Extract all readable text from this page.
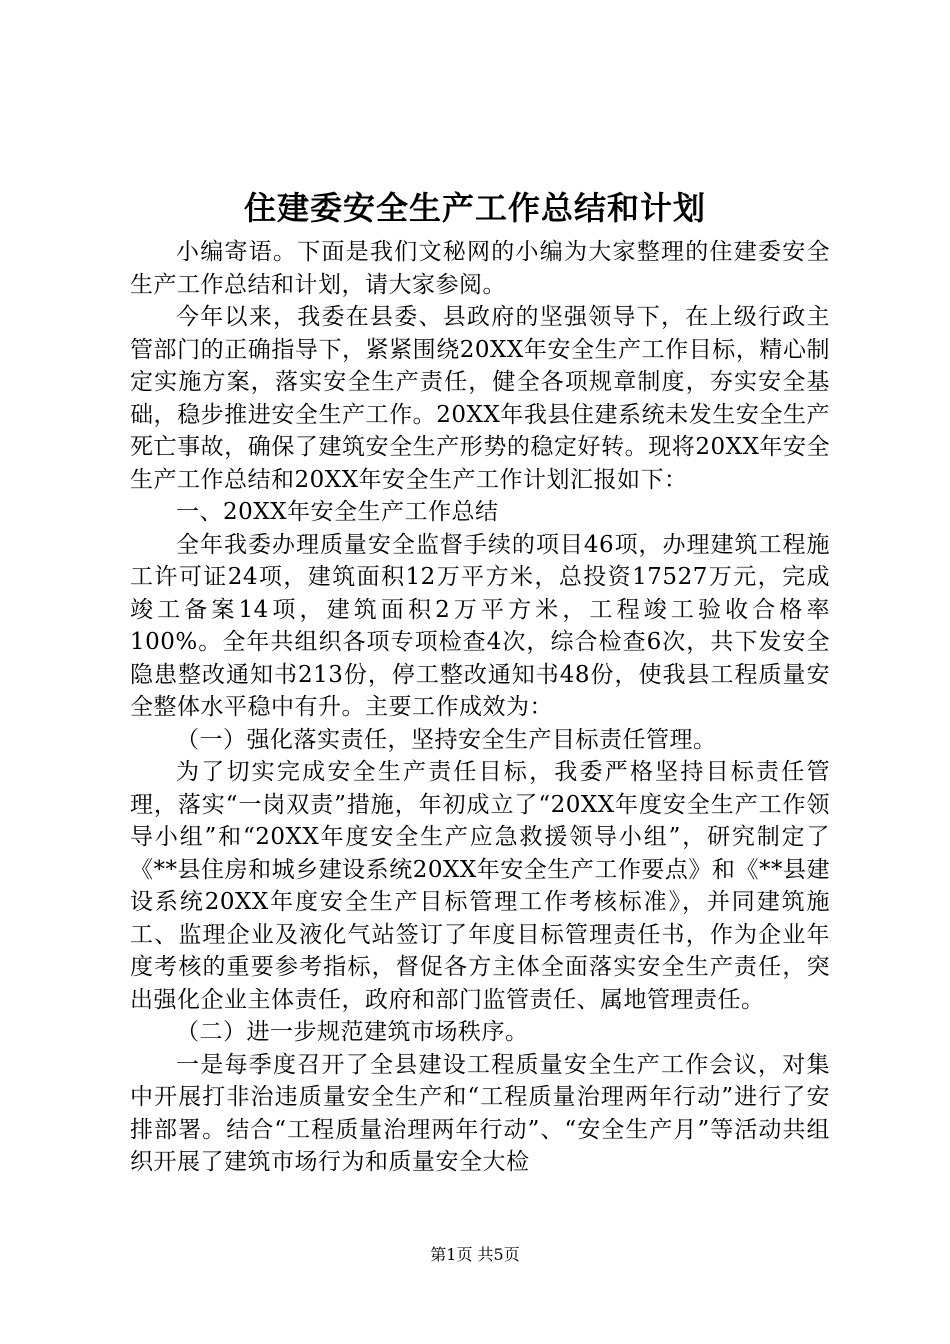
住建委安全生产工作总结和计划

小编寄语。下面是我们文秘网的小编为大家整理的住建委安全生产工作总结和计划，请大家参阅。

今年以来，我委在县委、县政府的坚强领导下，在上级行政主管部门的正确指导下，紧紧围绕20XX年安全生产工作目标，精心制定实施方案，落实安全生产责任，健全各项规章制度，夯实安全基础，稳步推进安全生产工作。20XX年我县住建系统未发生安全生产死亡事故，确保了建筑安全生产形势的稳定好转。现将20XX年安全生产工作总结和20XX年安全生产工作计划汇报如下：

一、20XX年安全生产工作总结

全年我委办理质量安全监督手续的项目46项，办理建筑工程施工许可证24项，建筑面积12万平方米，总投资17527万元，完成竣工备案14项，建筑面积2万平方米，工程竣工验收合格率100%。全年共组织各项专项检查4次，综合检查6次，共下发安全隐患整改通知书213份，停工整改通知书48份，使我县工程质量安全整体水平稳中有升。主要工作成效为：

（一）强化落实责任，坚持安全生产目标责任管理。

为了切实完成安全生产责任目标，我委严格坚持目标责任管理，落实“一岗双责”措施，年初成立了“20XX年度安全生产工作领导小组”和“20XX年度安全生产应急救援领导小组”，研究制定了《**县住房和城乡建设系统20XX年安全生产工作要点》和《**县建设系统20XX年度安全生产目标管理工作考核标准》，并同建筑施工、监理企业及液化气站签订了年度目标管理责任书，作为企业年度考核的重要参考指标，督促各方主体全面落实安全生产责任，突出强化企业主体责任，政府和部门监管责任、属地管理责任。

（二）进一步规范建筑市场秩序。

一是每季度召开了全县建设工程质量安全生产工作会议，对集中开展打非治违质量安全生产和“工程质量治理两年行动”进行了安排部署。结合“工程质量治理两年行动”、“安全生产月”等活动共组织开展了建筑市场行为和质量安全大检

第1页 共5页
